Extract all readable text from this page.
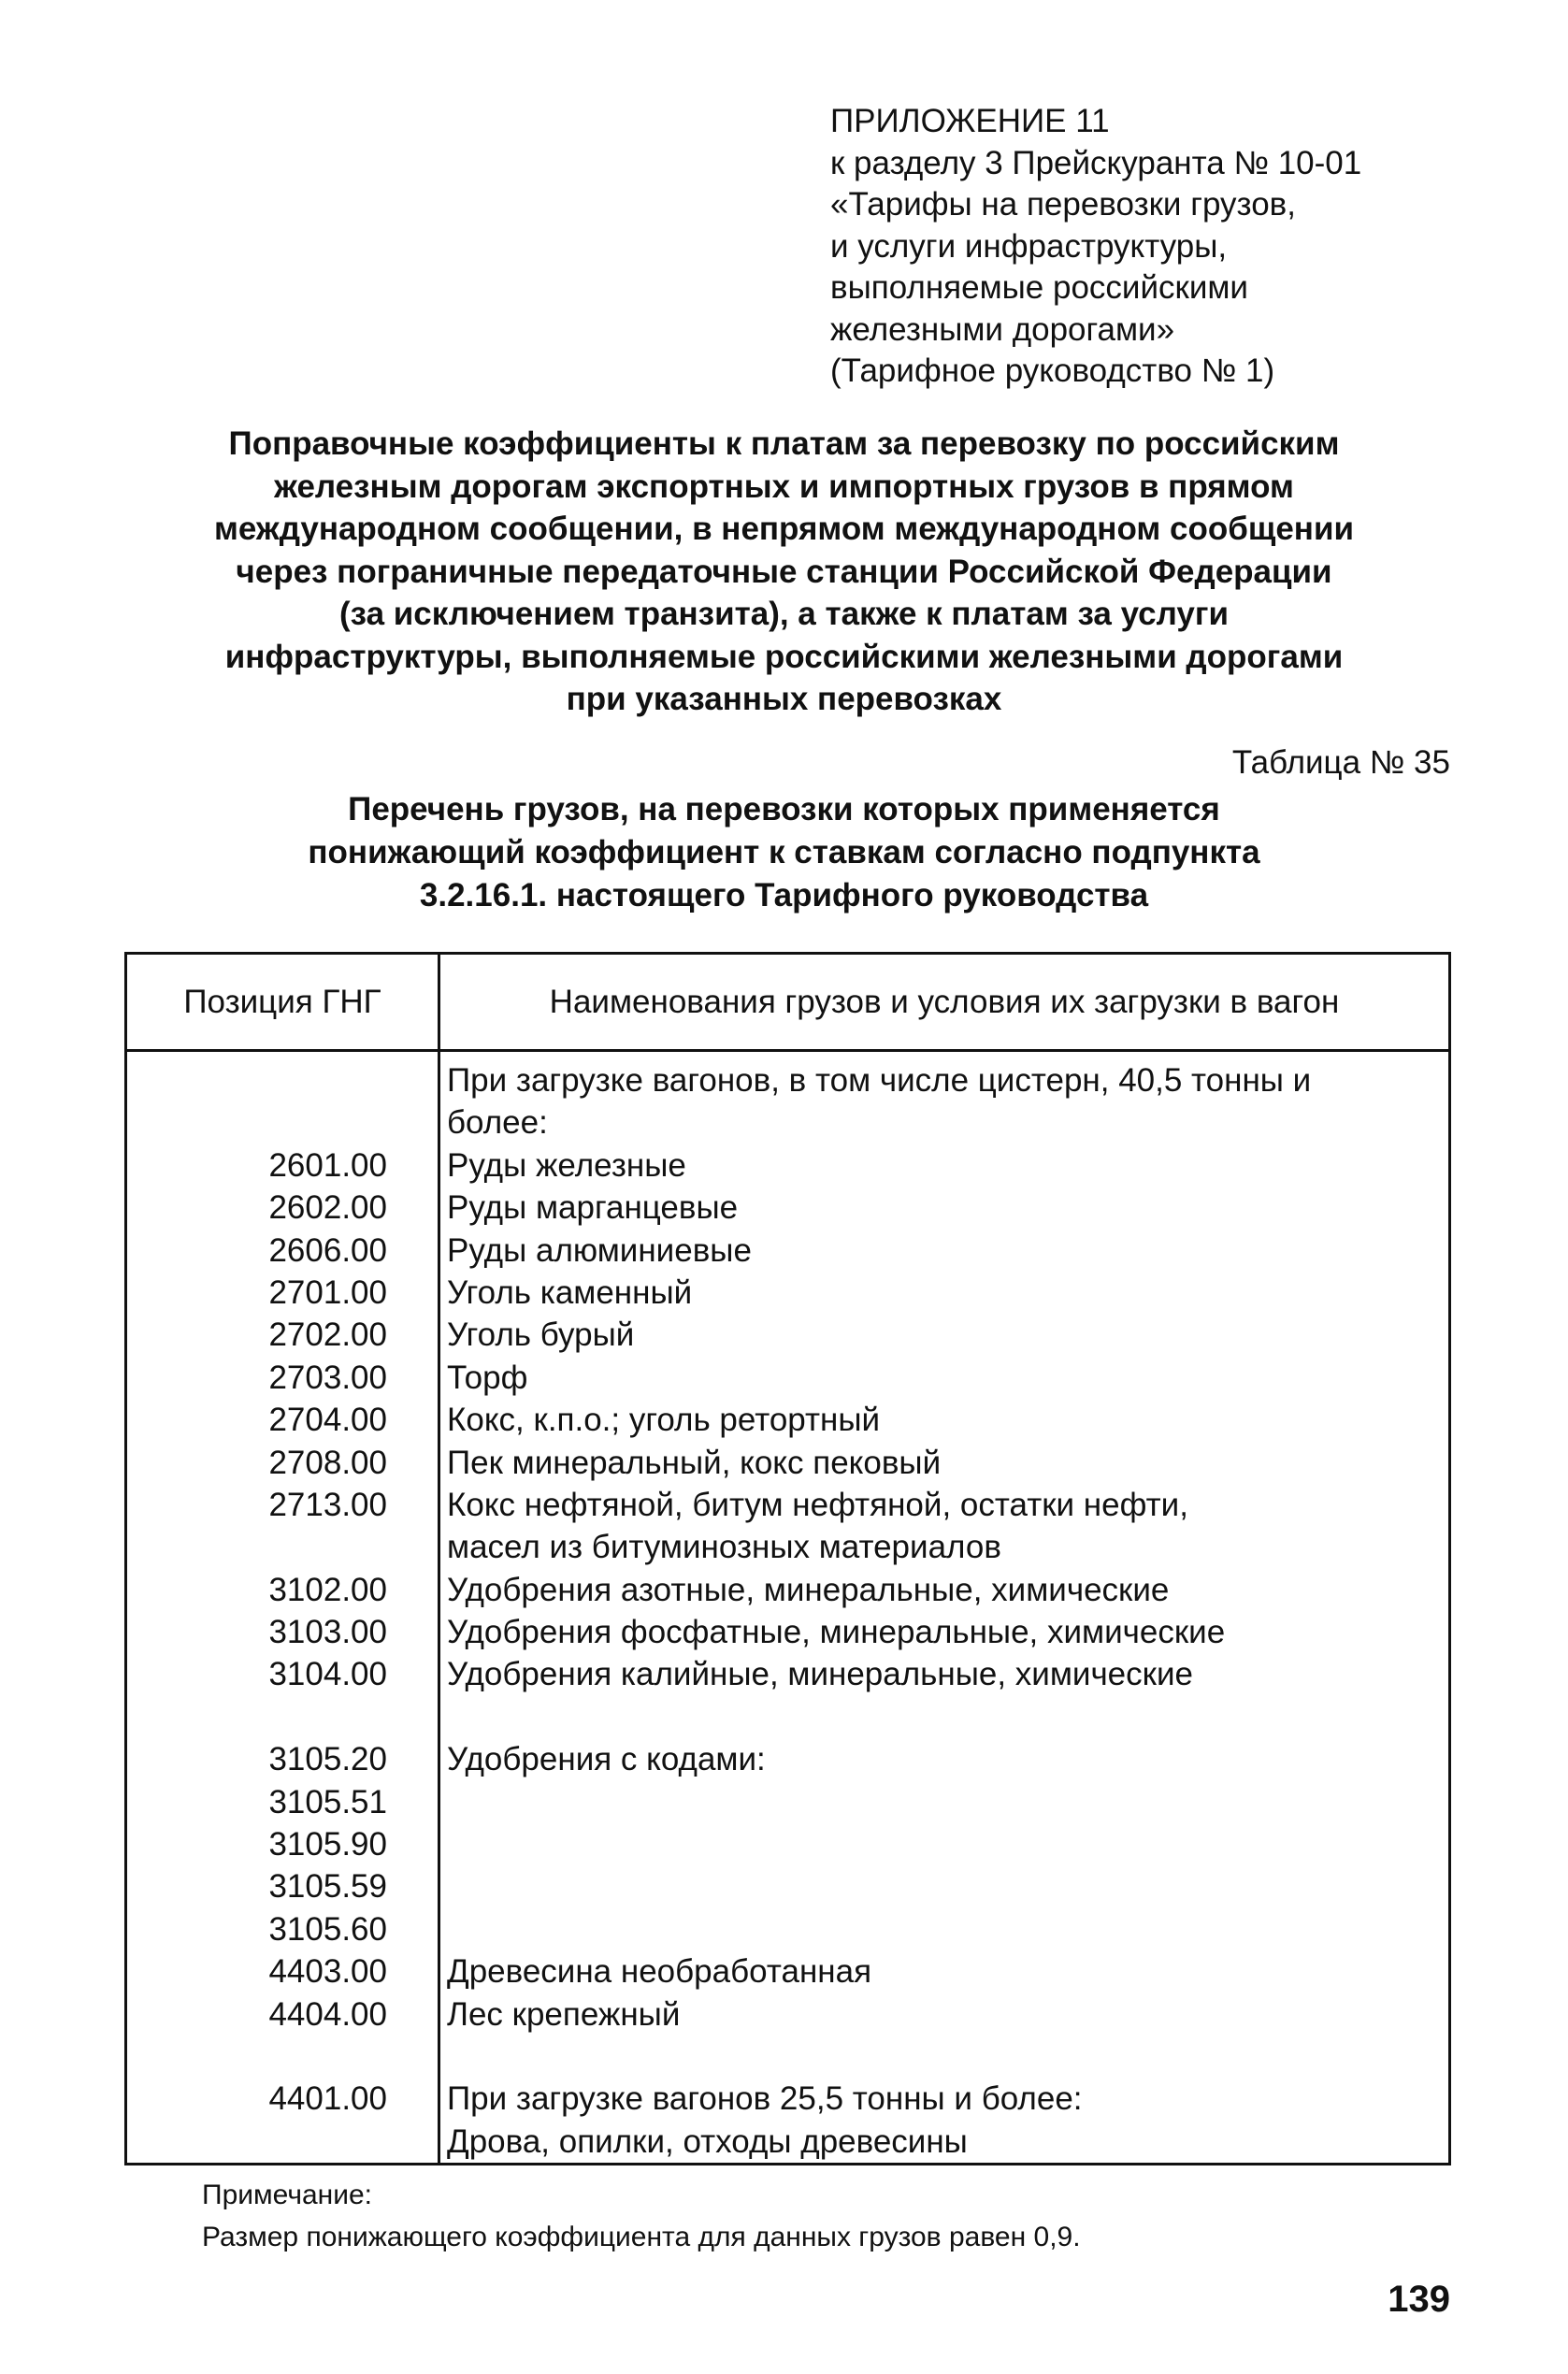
ПРИЛОЖЕНИЕ 11
к разделу 3 Прейскуранта № 10-01
«Тарифы на перевозки грузов,
и услуги инфраструктуры,
выполняемые российскими
железными дорогами»
(Тарифное руководство № 1)
Поправочные коэффициенты к платам за перевозку по российским
железным дорогам экспортных и импортных грузов в прямом
международном сообщении, в непрямом международном сообщении
через пограничные передаточные станции Российской Федерации
(за исключением транзита), а также к платам за услуги
инфраструктуры, выполняемые российскими железными дорогами
при указанных перевозках
Таблица № 35
Перечень грузов, на перевозки которых применяется
понижающий коэффициент к ставкам согласно подпункта
3.2.16.1. настоящего Тарифного руководства
Позиция ГНГ	Наименования грузов и условия их загрузки в вагон
2601.00
2602.00
2606.00
2701.00
2702.00
2703.00
2704.00
2708.00
2713.00
3102.00
3103.00
3104.00
3105.20
3105.51
3105.90
3105.59
3105.60
4403.00
4404.00
4401.00
При загрузке вагонов, в том числе цистерн, 40,5 тонны и
более:
Руды железные
Руды марганцевые
Руды алюминиевые
Уголь каменный
Уголь бурый
Торф
Кокс, к.п.о.; уголь ретортный
Пек минеральный, кокс пековый
Кокс нефтяной, битум нефтяной, остатки нефти,
масел из битуминозных материалов
Удобрения азотные, минеральные, химические
Удобрения фосфатные, минеральные, химические
Удобрения калийные, минеральные, химические
Удобрения с кодами:
Древесина необработанная
Лес крепежный
При загрузке вагонов 25,5 тонны и более:
Дрова, опилки, отходы древесины
Примечание:
Размер понижающего коэффициента для данных грузов равен 0,9.
139
